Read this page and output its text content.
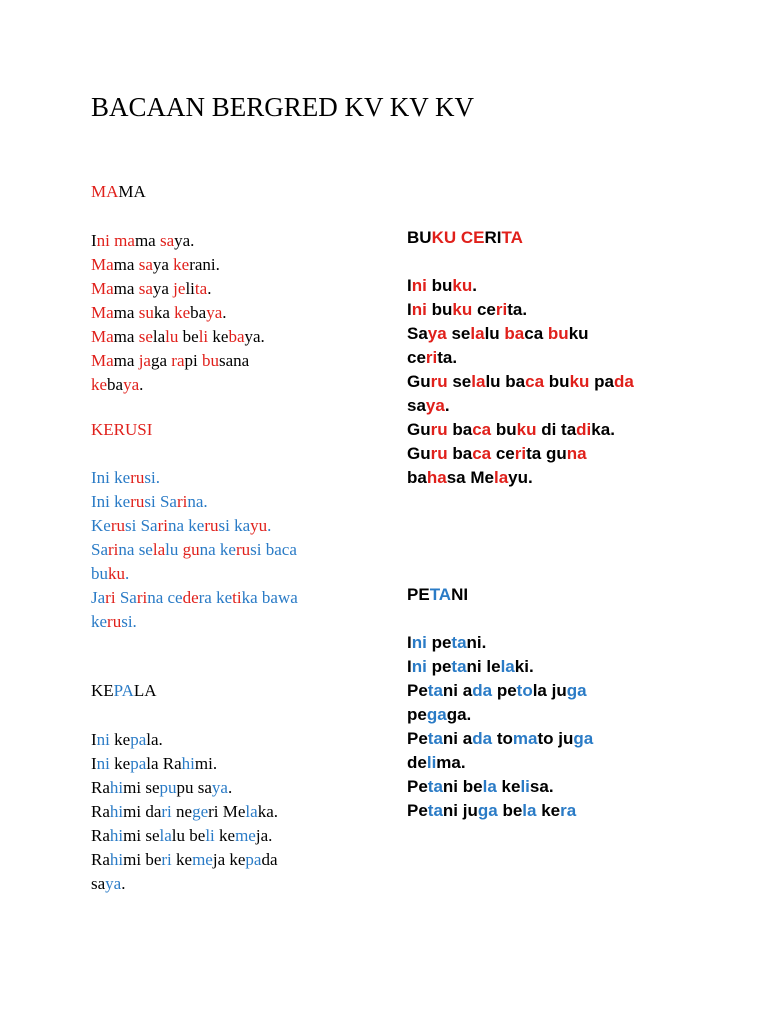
BACAAN BERGRED KV KV KV
MAMA
Ini mama saya.
Mama saya kerani.
Mama saya jelita.
Mama suka kebaya.
Mama selalu beli kebaya.
Mama jaga rapi busana
kebaya.
KERUSI
Ini kerusi.
Ini kerusi Sarina.
Kerusi Sarina kerusi kayu.
Sarina selalu guna kerusi baca
buku.
Jari Sarina cedera ketika bawa
kerusi.
KEPALA
Ini kepala.
Ini kepala Rahimi.
Rahimi sepupu saya.
Rahimi dari negeri Melaka.
Rahimi selalu beli kemeja.
Rahimi beri kemeja kepada
saya.
BUKU CERITA
Ini buku.
Ini buku cerita.
Saya selalu baca buku
cerita.
Guru selalu baca buku pada
saya.
Guru baca buku di tadika.
Guru baca cerita guna
bahasa Melayu.
PETANI
Ini petani.
Ini petani lelaki.
Petani ada petola juga
pegaga.
Petani ada tomato juga
delima.
Petani bela kelisa.
Petani juga bela kera
